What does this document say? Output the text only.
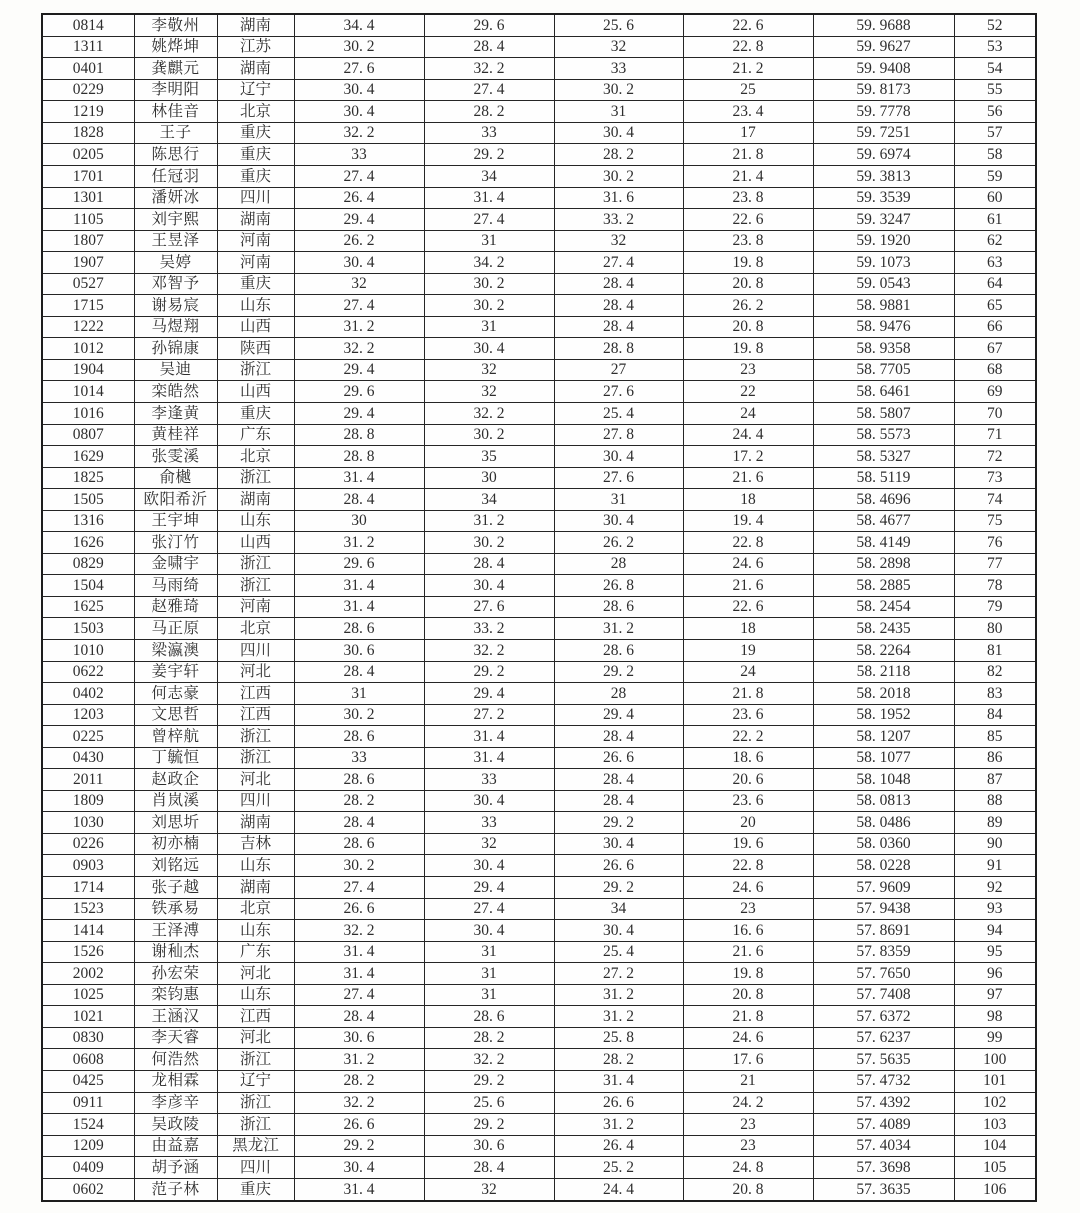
0814	李敬州	湖南	34. 4	29. 6	25. 6	22. 6	59. 9688	52
1311	姚烨坤	江苏	30. 2	28. 4	32	22. 8	59. 9627	53
0401	龚麒元	湖南	27. 6	32. 2	33	21. 2	59. 9408	54
0229	李明阳	辽宁	30. 4	27. 4	30. 2	25	59. 8173	55
1219	林佳音	北京	30. 4	28. 2	31	23. 4	59. 7778	56
1828	王子	重庆	32. 2	33	30. 4	17	59. 7251	57
0205	陈思行	重庆	33	29. 2	28. 2	21. 8	59. 6974	58
1701	任冠羽	重庆	27. 4	34	30. 2	21. 4	59. 3813	59
1301	潘妍冰	四川	26. 4	31. 4	31. 6	23. 8	59. 3539	60
1105	刘宇熙	湖南	29. 4	27. 4	33. 2	22. 6	59. 3247	61
1807	王昱泽	河南	26. 2	31	32	23. 8	59. 1920	62
1907	吴婷	河南	30. 4	34. 2	27. 4	19. 8	59. 1073	63
0527	邓智予	重庆	32	30. 2	28. 4	20. 8	59. 0543	64
1715	谢易宸	山东	27. 4	30. 2	28. 4	26. 2	58. 9881	65
1222	马煜翔	山西	31. 2	31	28. 4	20. 8	58. 9476	66
1012	孙锦康	陕西	32. 2	30. 4	28. 8	19. 8	58. 9358	67
1904	吴迪	浙江	29. 4	32	27	23	58. 7705	68
1014	栾皓然	山西	29. 6	32	27. 6	22	58. 6461	69
1016	李逢黄	重庆	29. 4	32. 2	25. 4	24	58. 5807	70
0807	黄桂祥	广东	28. 8	30. 2	27. 8	24. 4	58. 5573	71
1629	张雯溪	北京	28. 8	35	30. 4	17. 2	58. 5327	72
1825	俞樾	浙江	31. 4	30	27. 6	21. 6	58. 5119	73
1505	欧阳希沂	湖南	28. 4	34	31	18	58. 4696	74
1316	王宇坤	山东	30	31. 2	30. 4	19. 4	58. 4677	75
1626	张汀竹	山西	31. 2	30. 2	26. 2	22. 8	58. 4149	76
0829	金啸宇	浙江	29. 6	28. 4	28	24. 6	58. 2898	77
1504	马雨绮	浙江	31. 4	30. 4	26. 8	21. 6	58. 2885	78
1625	赵雅琦	河南	31. 4	27. 6	28. 6	22. 6	58. 2454	79
1503	马正原	北京	28. 6	33. 2	31. 2	18	58. 2435	80
1010	梁瀛澳	四川	30. 6	32. 2	28. 6	19	58. 2264	81
0622	姜宇轩	河北	28. 4	29. 2	29. 2	24	58. 2118	82
0402	何志豪	江西	31	29. 4	28	21. 8	58. 2018	83
1203	文思哲	江西	30. 2	27. 2	29. 4	23. 6	58. 1952	84
0225	曾梓航	浙江	28. 6	31. 4	28. 4	22. 2	58. 1207	85
0430	丁毓恒	浙江	33	31. 4	26. 6	18. 6	58. 1077	86
2011	赵政企	河北	28. 6	33	28. 4	20. 6	58. 1048	87
1809	肖岚溪	四川	28. 2	30. 4	28. 4	23. 6	58. 0813	88
1030	刘思圻	湖南	28. 4	33	29. 2	20	58. 0486	89
0226	初亦楠	吉林	28. 6	32	30. 4	19. 6	58. 0360	90
0903	刘铭远	山东	30. 2	30. 4	26. 6	22. 8	58. 0228	91
1714	张子越	湖南	27. 4	29. 4	29. 2	24. 6	57. 9609	92
1523	铁承易	北京	26. 6	27. 4	34	23	57. 9438	93
1414	王泽溥	山东	32. 2	30. 4	30. 4	16. 6	57. 8691	94
1526	谢秈杰	广东	31. 4	31	25. 4	21. 6	57. 8359	95
2002	孙宏荣	河北	31. 4	31	27. 2	19. 8	57. 7650	96
1025	栾钧惠	山东	27. 4	31	31. 2	20. 8	57. 7408	97
1021	王涵汉	江西	28. 4	28. 6	31. 2	21. 8	57. 6372	98
0830	李天睿	河北	30. 6	28. 2	25. 8	24. 6	57. 6237	99
0608	何浩然	浙江	31. 2	32. 2	28. 2	17. 6	57. 5635	100
0425	龙相霖	辽宁	28. 2	29. 2	31. 4	21	57. 4732	101
0911	李彦辛	浙江	32. 2	25. 6	26. 6	24. 2	57. 4392	102
1524	吴政陵	浙江	26. 6	29. 2	31. 2	23	57. 4089	103
1209	由益嘉	黑龙江	29. 2	30. 6	26. 4	23	57. 4034	104
0409	胡予涵	四川	30. 4	28. 4	25. 2	24. 8	57. 3698	105
0602	范子林	重庆	31. 4	32	24. 4	20. 8	57. 3635	106
